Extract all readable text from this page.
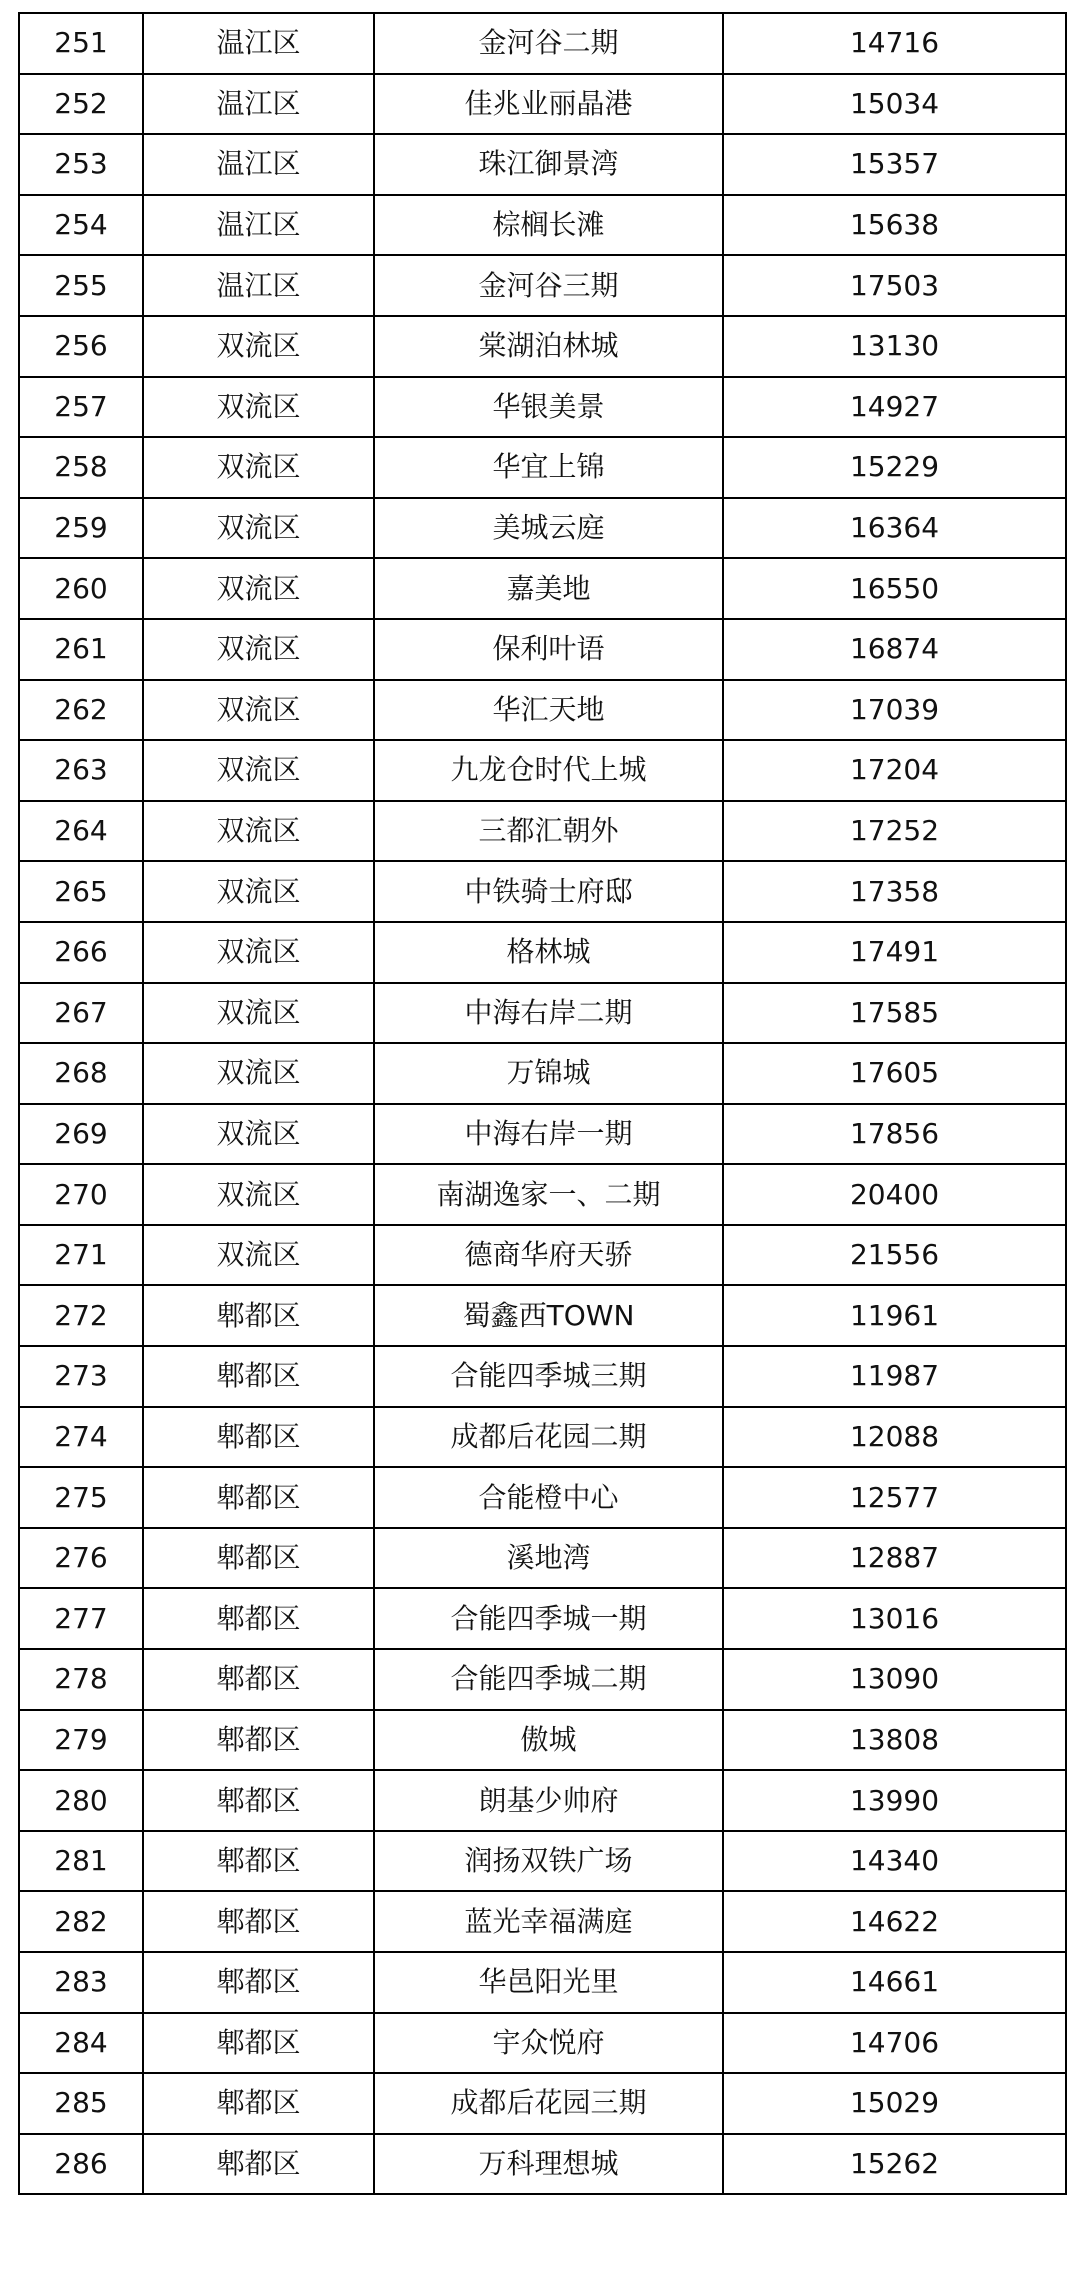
251	温江区	金河谷二期	14716
252	温江区	佳兆业丽晶港	15034
253	温江区	珠江御景湾	15357
254	温江区	棕榈长滩	15638
255	温江区	金河谷三期	17503
256	双流区	棠湖泊林城	13130
257	双流区	华银美景	14927
258	双流区	华宜上锦	15229
259	双流区	美城云庭	16364
260	双流区	嘉美地	16550
261	双流区	保利叶语	16874
262	双流区	华汇天地	17039
263	双流区	九龙仓时代上城	17204
264	双流区	三都汇朝外	17252
265	双流区	中铁骑士府邸	17358
266	双流区	格林城	17491
267	双流区	中海右岸二期	17585
268	双流区	万锦城	17605
269	双流区	中海右岸一期	17856
270	双流区	南湖逸家一、二期	20400
271	双流区	德商华府天骄	21556
272	郫都区	蜀鑫西TOWN	11961
273	郫都区	合能四季城三期	11987
274	郫都区	成都后花园二期	12088
275	郫都区	合能橙中心	12577
276	郫都区	溪地湾	12887
277	郫都区	合能四季城一期	13016
278	郫都区	合能四季城二期	13090
279	郫都区	傲城	13808
280	郫都区	朗基少帅府	13990
281	郫都区	润扬双铁广场	14340
282	郫都区	蓝光幸福满庭	14622
283	郫都区	华邑阳光里	14661
284	郫都区	宇众悦府	14706
285	郫都区	成都后花园三期	15029
286	郫都区	万科理想城	15262
